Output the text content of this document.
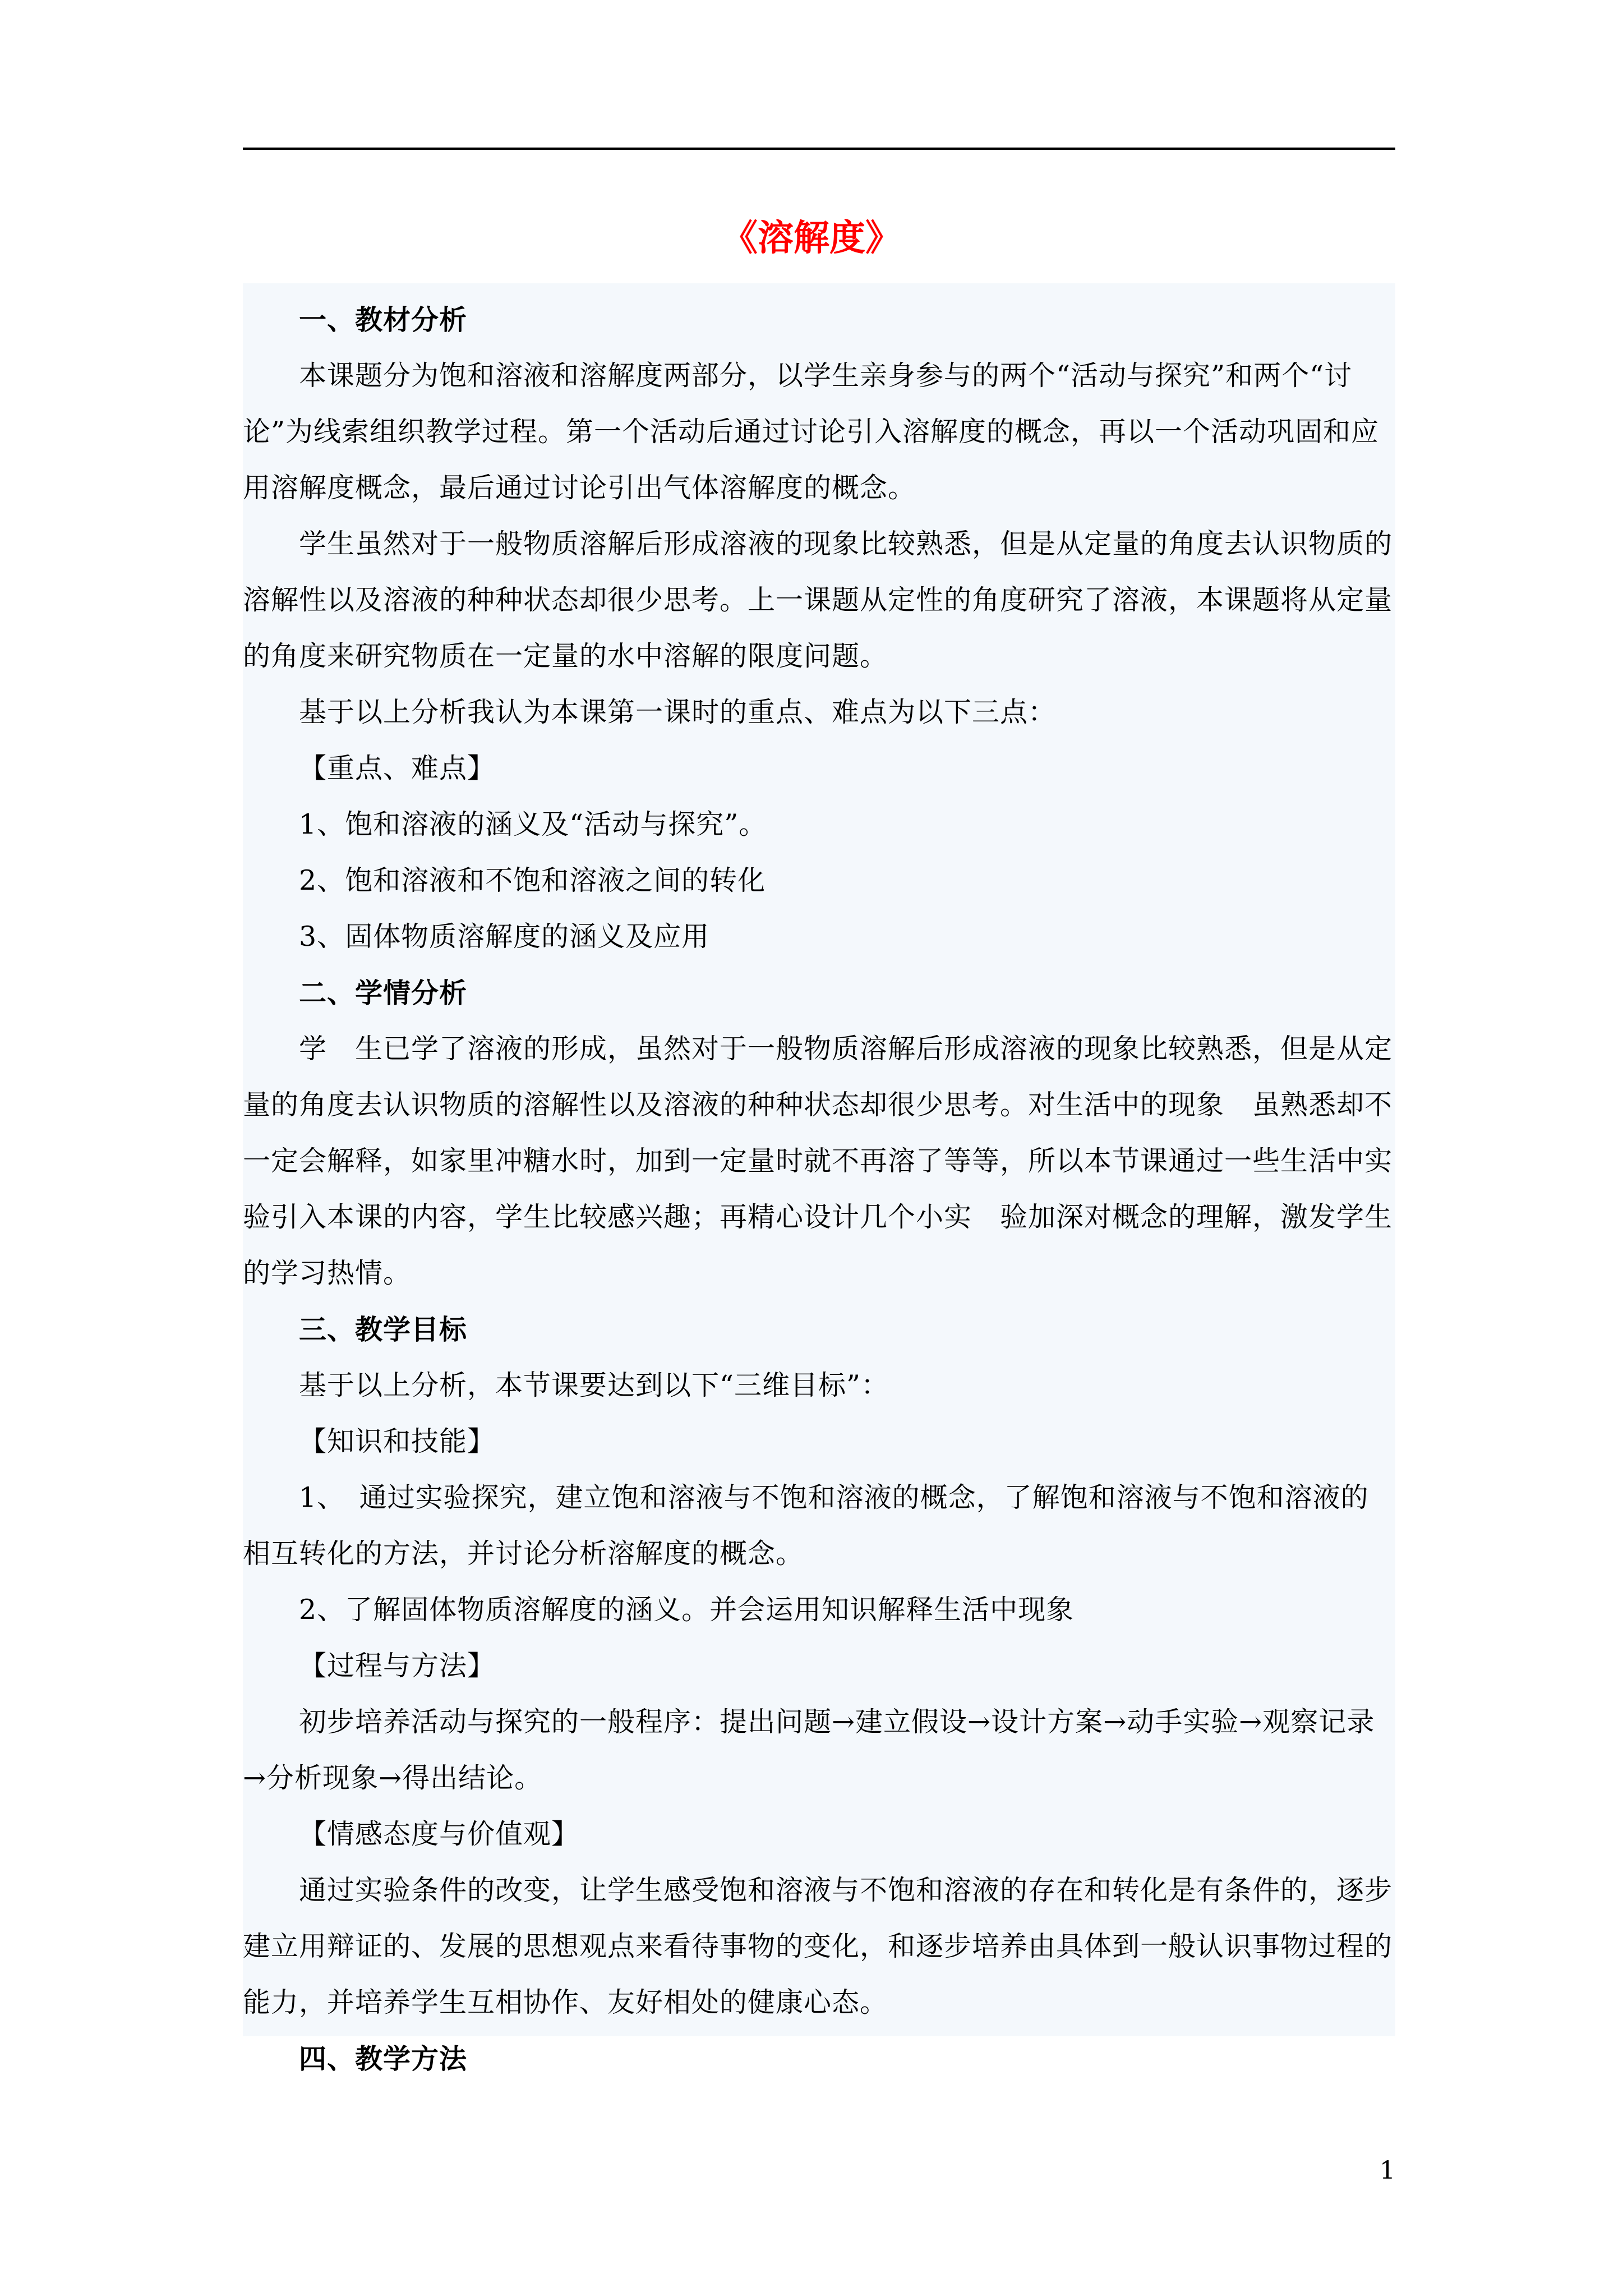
《溶解度》

一、教材分析

本课题分为饱和溶液和溶解度两部分，以学生亲身参与的两个“活动与探究”和两个“讨论”为线索组织教学过程。第一个活动后通过讨论引入溶解度的概念，再以一个活动巩固和应用溶解度概念，最后通过讨论引出气体溶解度的概念。

学生虽然对于一般物质溶解后形成溶液的现象比较熟悉，但是从定量的角度去认识物质的溶解性以及溶液的种种状态却很少思考。上一课题从定性的角度研究了溶液，本课题将从定量的角度来研究物质在一定量的水中溶解的限度问题。

基于以上分析我认为本课第一课时的重点、难点为以下三点：

【重点、难点】

1、饱和溶液的涵义及“活动与探究”。

2、饱和溶液和不饱和溶液之间的转化

3、固体物质溶解度的涵义及应用

二、学情分析

学　生已学了溶液的形成，虽然对于一般物质溶解后形成溶液的现象比较熟悉，但是从定量的角度去认识物质的溶解性以及溶液的种种状态却很少思考。对生活中的现象　虽熟悉却不一定会解释，如家里冲糖水时，加到一定量时就不再溶了等等，所以本节课通过一些生活中实验引入本课的内容，学生比较感兴趣；再精心设计几个小实　验加深对概念的理解，激发学生的学习热情。

三、教学目标

基于以上分析，本节课要达到以下“三维目标”：

【知识和技能】

1、　通过实验探究，建立饱和溶液与不饱和溶液的概念，了解饱和溶液与不饱和溶液的相互转化的方法，并讨论分析溶解度的概念。

2、了解固体物质溶解度的涵义。并会运用知识解释生活中现象

【过程与方法】

初步培养活动与探究的一般程序：提出问题→建立假设→设计方案→动手实验→观察记录→分析现象→得出结论。

【情感态度与价值观】

通过实验条件的改变，让学生感受饱和溶液与不饱和溶液的存在和转化是有条件的，逐步建立用辩证的、发展的思想观点来看待事物的变化，和逐步培养由具体到一般认识事物过程的能力，并培养学生互相协作、友好相处的健康心态。

四、教学方法

1
